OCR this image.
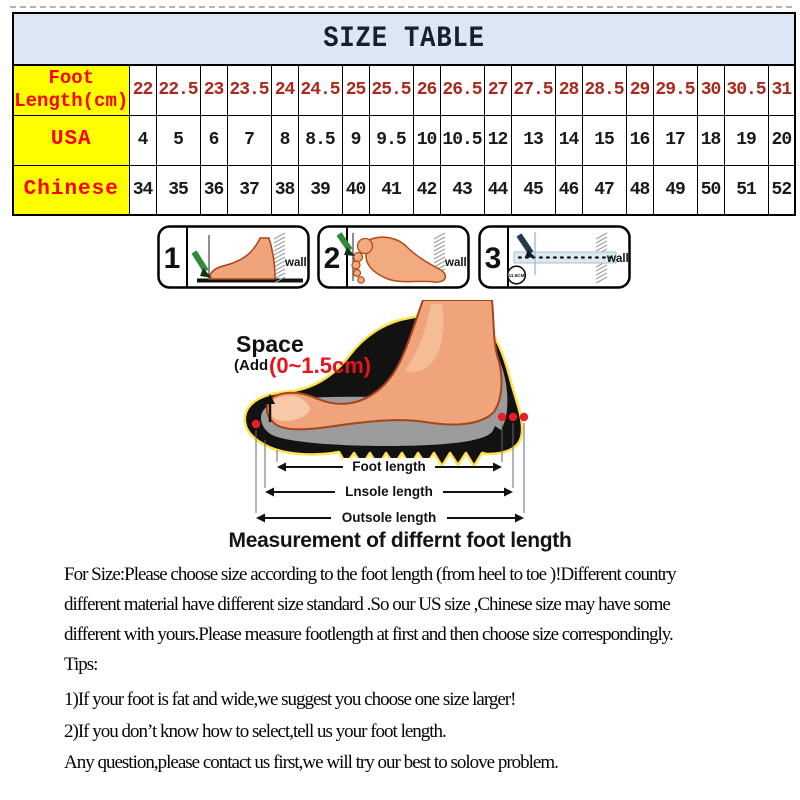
SIZE TABLE																			
Foot Length(cm)	22	22.5	23	23.5	24	24.5	25	25.5	26	26.5	27	27.5	28	28.5	29	29.5	30	30.5	31
USA	4	5	6	7	8	8.5	9	9.5	10	10.5	12	13	14	15	16	17	18	19	20
Chinese	34	35	36	37	38	39	40	41	42	43	44	45	46	47	48	49	50	51	52
1	wall 2	wall 3
11.5CM
wall
Space
(Add (0~1.5cm)
Foot length
Lnsole length
Outsole length
Measurement of differnt foot length
For Size:Please choose size according to the foot length (from heel to toe )!Different country
different material have different size standard .So our US size ,Chinese size may have some
different with yours.Please measure footlength at first and then choose size correspondingly.
Tips:
1)If your foot is fat and wide,we suggest you choose one size larger!
2)If you don’t know how to select,tell us your foot length.
Any question,please contact us first,we will try our best to solove problem.
